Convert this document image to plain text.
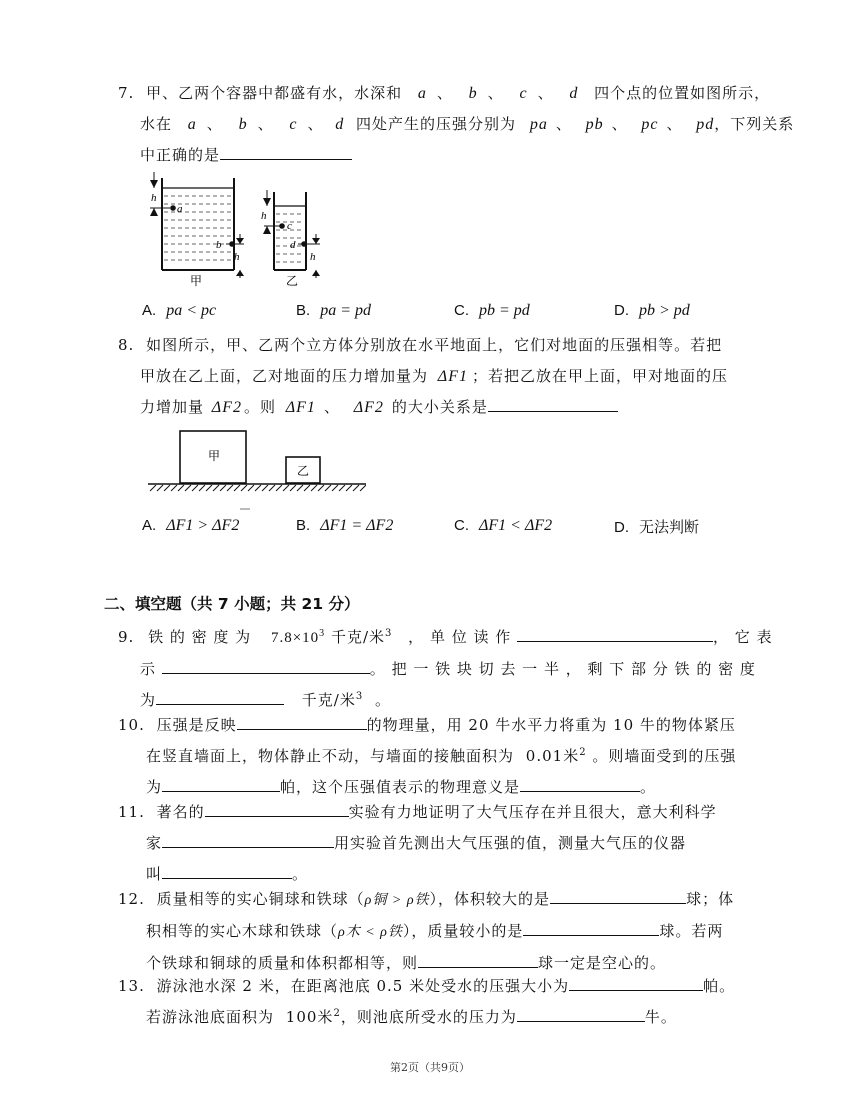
7. 甲、乙两个容器中都盛有水，水深和 a 、 b 、 c 、 d 四个点的位置如图所示，
水在 a 、 b 、 c 、 d 四处产生的压强分别为 pa 、 pb 、 pc 、 pd，下列关系
中正确的是
h
a
b
h
甲
h
c
d
h
乙
A. pa < pc	B. pa = pd	C. pb = pd	D. pb > pd
8. 如图所示，甲、乙两个立方体分别放在水平地面上，它们对地面的压强相等。若把
甲放在乙上面，乙对地面的压力增加量为 ΔF1 ；若把乙放在甲上面，甲对地面的压
力增加量 ΔF2 。则 ΔF1 、 ΔF2 的大小关系是
甲
乙
A. ΔF1 > ΔF2	B. ΔF1 = ΔF2	C. ΔF1 < ΔF2	D. 无法判断
二、填空题（共 7 小题；共 21 分）
9. 铁 的 密 度 为 $7.8\times 10^3$ 千克/米$^3$ ， 单 位 读 作	， 它 表
示	。 把 一 铁 块 切 去 一 半 ， 剩 下 部 分 铁 的 密 度
为	千克/米$^3$ 。
10. 压强是反映	的物理量，用 20 牛水平力将重为 10 牛的物体紧压
在竖直墙面上，物体静止不动，与墙面的接触面积为 0.01米$^2$ 。则墙面受到的压强
为	帕，这个压强值表示的物理意义是	。
11. 著名的	实验有力地证明了大气压存在并且很大，意大利科学
家	用实验首先测出大气压强的值，测量大气压的仪器
叫	。
12. 质量相等的实心铜球和铁球（ρ铜 > ρ铁），体积较大的是	球；体
积相等的实心木球和铁球（ρ木 < ρ铁），质量较小的是	球。若两
个铁球和铜球的质量和体积都相等，则	球一定是空心的。
13. 游泳池水深 2 米，在距离池底 0.5 米处受水的压强大小为	帕。
若游泳池底面积为 100米$^2$，则池底所受水的压力为	牛。
第2页（共9页）
